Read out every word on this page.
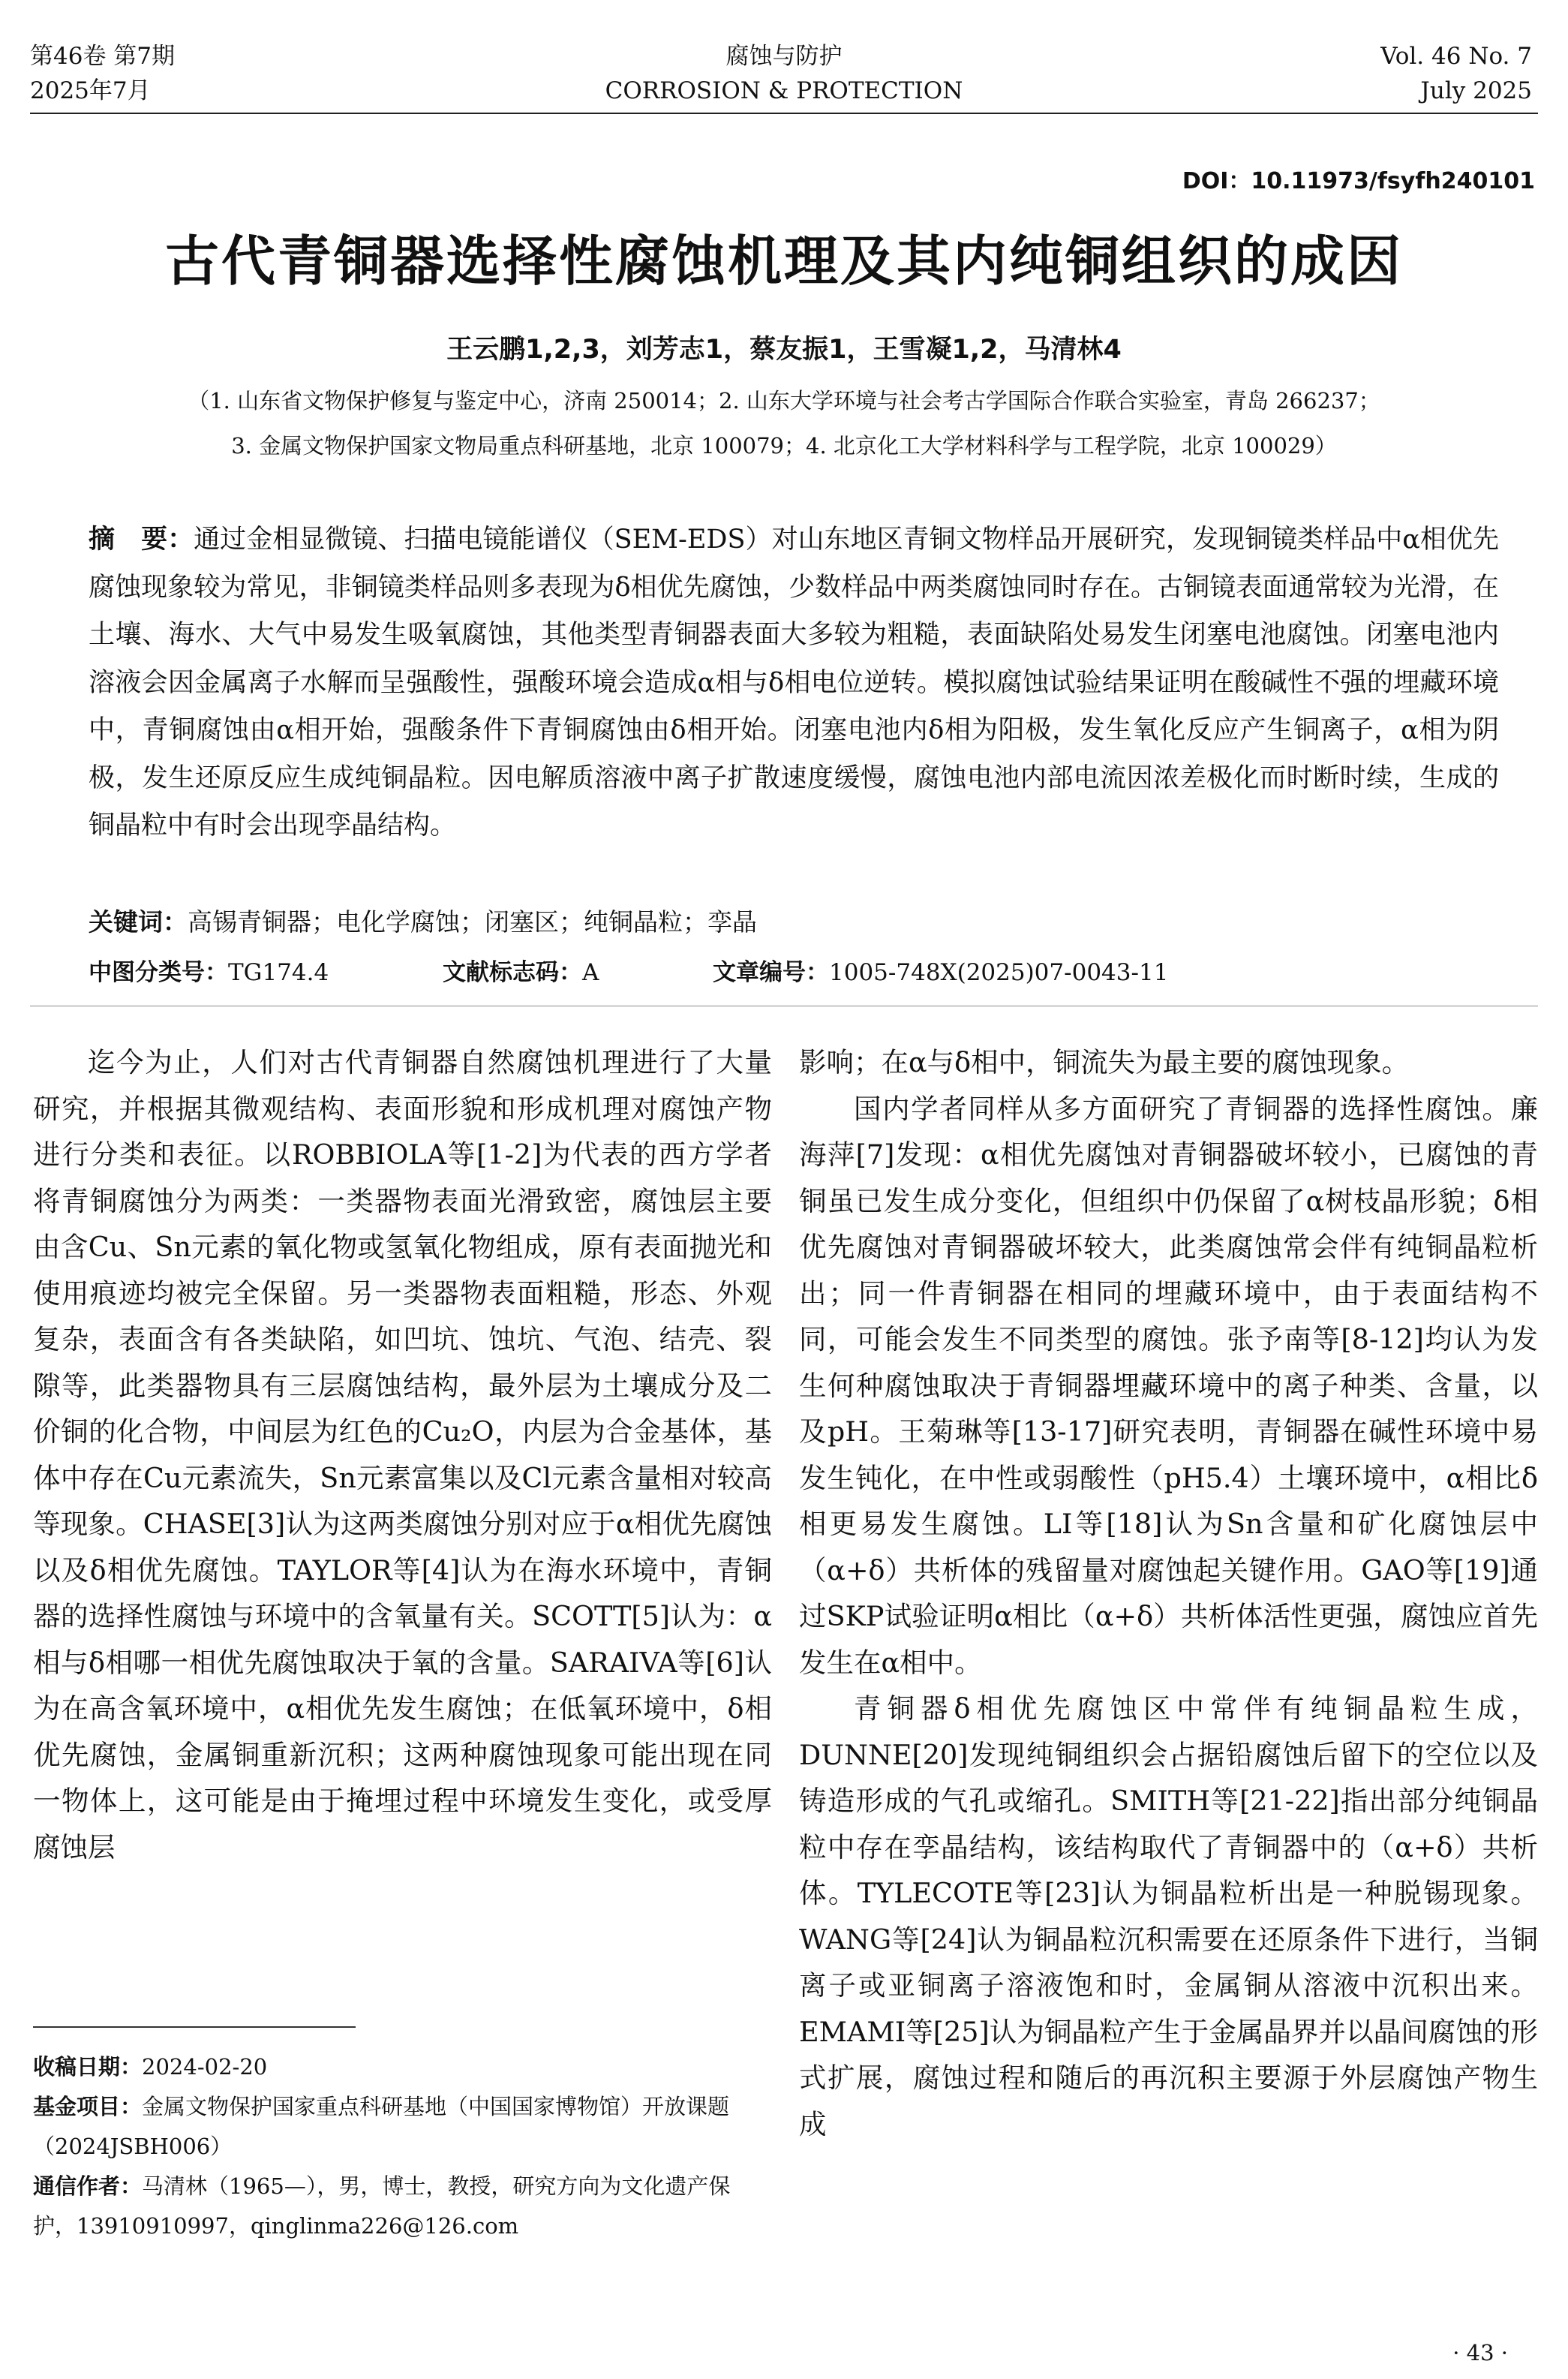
第46卷 第7期
2025年7月
腐蚀与防护
CORROSION & PROTECTION
Vol. 46 No. 7
July 2025
DOI：10.11973/fsyfh240101
古代青铜器选择性腐蚀机理及其内纯铜组织的成因
王云鹏1,2,3，刘芳志1，蔡友振1，王雪凝1,2，马清林4
（1. 山东省文物保护修复与鉴定中心，济南 250014；2. 山东大学环境与社会考古学国际合作联合实验室，青岛 266237；
3. 金属文物保护国家文物局重点科研基地，北京 100079；4. 北京化工大学材料科学与工程学院，北京 100029）
摘　要：通过金相显微镜、扫描电镜能谱仪（SEM-EDS）对山东地区青铜文物样品开展研究，发现铜镜类样品中α相优先腐蚀现象较为常见，非铜镜类样品则多表现为δ相优先腐蚀，少数样品中两类腐蚀同时存在。古铜镜表面通常较为光滑，在土壤、海水、大气中易发生吸氧腐蚀，其他类型青铜器表面大多较为粗糙，表面缺陷处易发生闭塞电池腐蚀。闭塞电池内溶液会因金属离子水解而呈强酸性，强酸环境会造成α相与δ相电位逆转。模拟腐蚀试验结果证明在酸碱性不强的埋藏环境中，青铜腐蚀由α相开始，强酸条件下青铜腐蚀由δ相开始。闭塞电池内δ相为阳极，发生氧化反应产生铜离子，α相为阴极，发生还原反应生成纯铜晶粒。因电解质溶液中离子扩散速度缓慢，腐蚀电池内部电流因浓差极化而时断时续，生成的铜晶粒中有时会出现孪晶结构。
关键词：高锡青铜器；电化学腐蚀；闭塞区；纯铜晶粒；孪晶
中图分类号：TG174.4	文献标志码：A	文章编号：1005-748X(2025)07-0043-11

迄今为止，人们对古代青铜器自然腐蚀机理进行了大量研究，并根据其微观结构、表面形貌和形成机理对腐蚀产物进行分类和表征。以ROBBIOLA等[1-2]为代表的西方学者将青铜腐蚀分为两类：一类器物表面光滑致密，腐蚀层主要由含Cu、Sn元素的氧化物或氢氧化物组成，原有表面抛光和使用痕迹均被完全保留。另一类器物表面粗糙，形态、外观复杂，表面含有各类缺陷，如凹坑、蚀坑、气泡、结壳、裂隙等，此类器物具有三层腐蚀结构，最外层为土壤成分及二价铜的化合物，中间层为红色的Cu₂O，内层为合金基体，基体中存在Cu元素流失，Sn元素富集以及Cl元素含量相对较高等现象。CHASE[3]认为这两类腐蚀分别对应于α相优先腐蚀以及δ相优先腐蚀。TAYLOR等[4]认为在海水环境中，青铜器的选择性腐蚀与环境中的含氧量有关。SCOTT[5]认为：α相与δ相哪一相优先腐蚀取决于氧的含量。SARAIVA等[6]认为在高含氧环境中，α相优先发生腐蚀；在低氧环境中，δ相优先腐蚀，金属铜重新沉积；这两种腐蚀现象可能出现在同一物体上，这可能是由于掩埋过程中环境发生变化，或受厚腐蚀层

收稿日期：2024-02-20
基金项目：金属文物保护国家重点科研基地（中国国家博物馆）开放课题（2024JSBH006）
通信作者：马清林（1965—），男，博士，教授，研究方向为文化遗产保护，13910910997，qinglinma226@126.com

影响；在α与δ相中，铜流失为最主要的腐蚀现象。

国内学者同样从多方面研究了青铜器的选择性腐蚀。廉海萍[7]发现：α相优先腐蚀对青铜器破坏较小，已腐蚀的青铜虽已发生成分变化，但组织中仍保留了α树枝晶形貌；δ相优先腐蚀对青铜器破坏较大，此类腐蚀常会伴有纯铜晶粒析出；同一件青铜器在相同的埋藏环境中，由于表面结构不同，可能会发生不同类型的腐蚀。张予南等[8-12]均认为发生何种腐蚀取决于青铜器埋藏环境中的离子种类、含量，以及pH。王菊琳等[13-17]研究表明，青铜器在碱性环境中易发生钝化，在中性或弱酸性（pH5.4）土壤环境中，α相比δ相更易发生腐蚀。LI等[18]认为Sn含量和矿化腐蚀层中（α+δ）共析体的残留量对腐蚀起关键作用。GAO等[19]通过SKP试验证明α相比（α+δ）共析体活性更强，腐蚀应首先发生在α相中。

青铜器δ相优先腐蚀区中常伴有纯铜晶粒生成，DUNNE[20]发现纯铜组织会占据铅腐蚀后留下的空位以及铸造形成的气孔或缩孔。SMITH等[21-22]指出部分纯铜晶粒中存在孪晶结构，该结构取代了青铜器中的（α+δ）共析体。TYLECOTE等[23]认为铜晶粒析出是一种脱锡现象。WANG等[24]认为铜晶粒沉积需要在还原条件下进行，当铜离子或亚铜离子溶液饱和时，金属铜从溶液中沉积出来。EMAMI等[25]认为铜晶粒产生于金属晶界并以晶间腐蚀的形式扩展，腐蚀过程和随后的再沉积主要源于外层腐蚀产物生成

· 43 ·
